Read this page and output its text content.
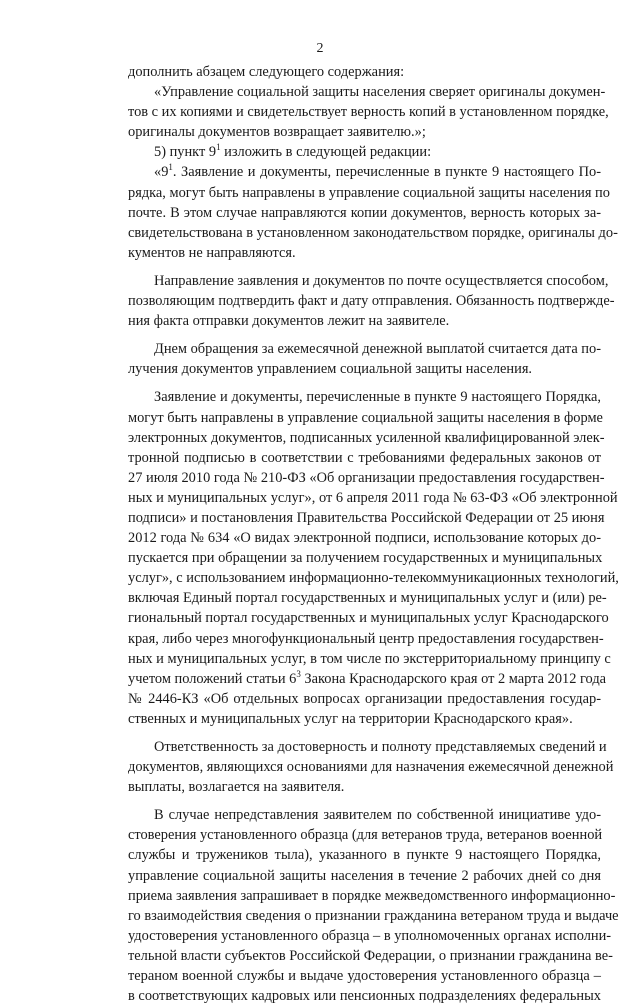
2
дополнить абзацем следующего содержания:
«Управление социальной защиты населения сверяет оригиналы докумен-
тов с их копиями и свидетельствует верность копий в установленном порядке,
оригиналы документов возвращает заявителю.»;
5) пункт $9^1$ изложить в следующей редакции:
«$9^1$. Заявление и документы, перечисленные в пункте 9 настоящего По-
рядка, могут быть направлены в управление социальной защиты населения по
почте. В этом случае направляются копии документов, верность которых за-
свидетельствована в установленном законодательством порядке, оригиналы до-
кументов не направляются.
Направление заявления и документов по почте осуществляется способом,
позволяющим подтвердить факт и дату отправления. Обязанность подтвержде-
ния факта отправки документов лежит на заявителе.
Днем обращения за ежемесячной денежной выплатой считается дата по-
лучения документов управлением социальной защиты населения.
Заявление и документы, перечисленные в пункте 9 настоящего Порядка,
могут быть направлены в управление социальной защиты населения в форме
электронных документов, подписанных усиленной квалифицированной элек-
тронной подписью в соответствии с требованиями федеральных законов от
27 июля 2010 года № 210-ФЗ «Об организации предоставления государствен-
ных и муниципальных услуг», от 6 апреля 2011 года № 63-ФЗ «Об электронной
подписи» и постановления Правительства Российской Федерации от 25 июня
2012 года № 634 «О видах электронной подписи, использование которых до-
пускается при обращении за получением государственных и муниципальных
услуг», с использованием информационно-телекоммуникационных технологий,
включая Единый портал государственных и муниципальных услуг и (или) ре-
гиональный портал государственных и муниципальных услуг Краснодарского
края, либо через многофункциональный центр предоставления государствен-
ных и муниципальных услуг, в том числе по экстерриториальному принципу с
учетом положений статьи $6^3$ Закона Краснодарского края от 2 марта 2012 года
№ 2446-КЗ «Об отдельных вопросах организации предоставления государ-
ственных и муниципальных услуг на территории Краснодарского края».
Ответственность за достоверность и полноту представляемых сведений и
документов, являющихся основаниями для назначения ежемесячной денежной
выплаты, возлагается на заявителя.
В случае непредставления заявителем по собственной инициативе удо-
стоверения установленного образца (для ветеранов труда, ветеранов военной
службы и тружеников тыла), указанного в пункте 9 настоящего Порядка,
управление социальной защиты населения в течение 2 рабочих дней со дня
приема заявления запрашивает в порядке межведомственного информационно-
го взаимодействия сведения о признании гражданина ветераном труда и выдаче
удостоверения установленного образца – в уполномоченных органах исполни-
тельной власти субъектов Российской Федерации, о признании гражданина ве-
тераном военной службы и выдаче удостоверения установленного образца –
в соответствующих кадровых или пенсионных подразделениях федеральных
